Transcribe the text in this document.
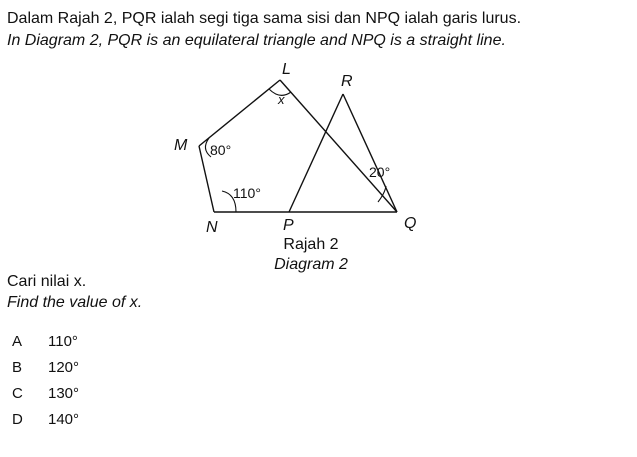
Dalam Rajah 2, PQR ialah segi tiga sama sisi dan NPQ ialah garis lurus.
In Diagram 2, PQR is an equilateral triangle and NPQ is a straight line.
L
R
M
N	P	Q
x
80°
110°
20°
Rajah 2
Diagram 2
Cari nilai x.
Find the value of x.
A 110°
B 120°
C 130°
D 140°
